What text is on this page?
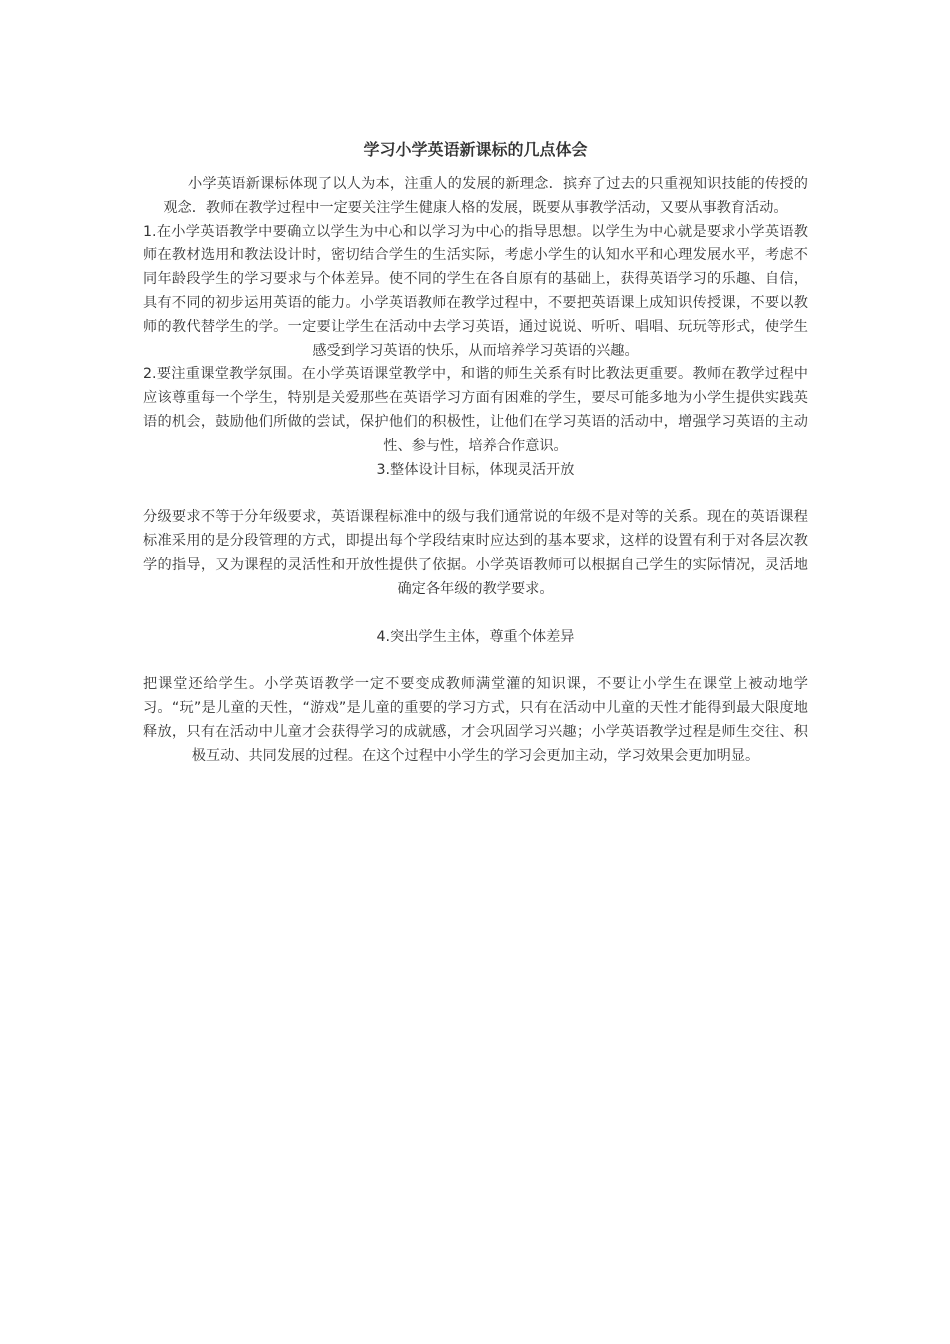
学习小学英语新课标的几点体会

小学英语新课标体现了以人为本，注重人的发展的新理念．摈弃了过去的只重视知识技能的传授的观念．教师在教学过程中一定要关注学生健康人格的发展，既要从事教学活动，又要从事教育活动。

1.在小学英语教学中要确立以学生为中心和以学习为中心的指导思想。以学生为中心就是要求小学英语教师在教材选用和教法设计时，密切结合学生的生活实际，考虑小学生的认知水平和心理发展水平，考虑不同年龄段学生的学习要求与个体差异。使不同的学生在各自原有的基础上，获得英语学习的乐趣、自信，具有不同的初步运用英语的能力。小学英语教师在教学过程中，不要把英语课上成知识传授课，不要以教师的教代替学生的学。一定要让学生在活动中去学习英语，通过说说、听听、唱唱、玩玩等形式，使学生感受到学习英语的快乐，从而培养学习英语的兴趣。

2.要注重课堂教学氛围。在小学英语课堂教学中，和谐的师生关系有时比教法更重要。教师在教学过程中应该尊重每一个学生，特别是关爱那些在英语学习方面有困难的学生，要尽可能多地为小学生提供实践英语的机会，鼓励他们所做的尝试，保护他们的积极性，让他们在学习英语的活动中，增强学习英语的主动性、参与性，培养合作意识。

3.整体设计目标，体现灵活开放

分级要求不等于分年级要求，英语课程标准中的级与我们通常说的年级不是对等的关系。现在的英语课程标准采用的是分段管理的方式，即提出每个学段结束时应达到的基本要求，这样的设置有利于对各层次教学的指导，又为课程的灵活性和开放性提供了依据。小学英语教师可以根据自己学生的实际情况，灵活地确定各年级的教学要求。

4.突出学生主体，尊重个体差异

把课堂还给学生。小学英语教学一定不要变成教师满堂灌的知识课，不要让小学生在课堂上被动地学习。“玩”是儿童的天性，“游戏”是儿童的重要的学习方式，只有在活动中儿童的天性才能得到最大限度地释放，只有在活动中儿童才会获得学习的成就感，才会巩固学习兴趣；小学英语教学过程是师生交往、积极互动、共同发展的过程。在这个过程中小学生的学习会更加主动，学习效果会更加明显。
